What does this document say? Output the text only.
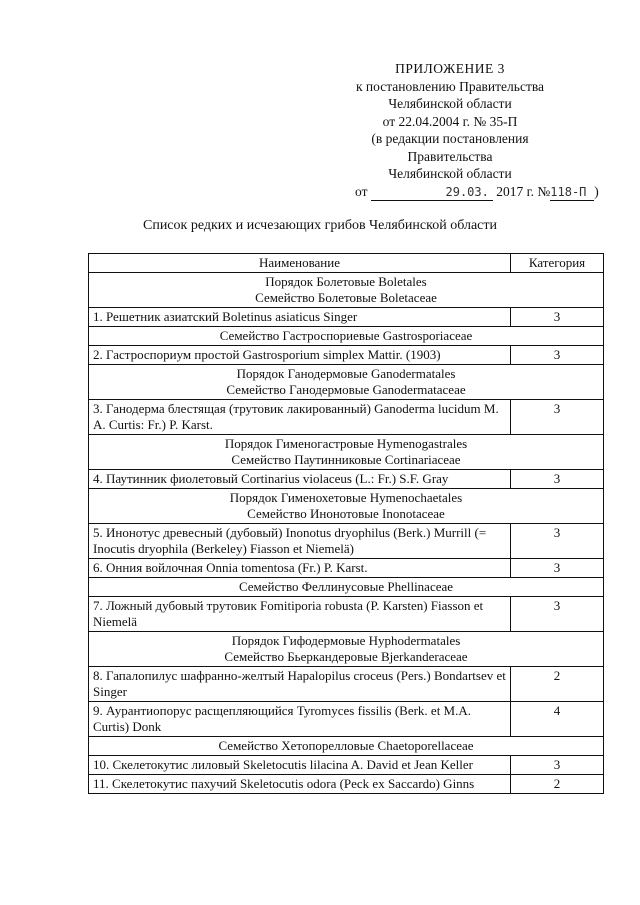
ПРИЛОЖЕНИЕ 3
к постановлению Правительства
Челябинской области
от 22.04.2004 г. № 35-П
(в редакции постановления
Правительства
Челябинской области
от	29.03. 2017 г. №118-П )
Список редких и исчезающих грибов Челябинской области
Наименование	Категория

Порядок Болетовые Boletales
Семейство Болетовые Boletaceae	

1. Решетник азиатский Boletinus asiaticus Singer	3

Семейство Гастроспориевые Gastrosporiaceae	

2. Гастроспориум простой Gastrosporium simplex Mattir. (1903)	3

Порядок Ганодермовые Ganodermatales
Семейство Ганодермовые Ganodermataceae	

3. Ганодерма блестящая (трутовик лакированный) Ganoderma lucidum M. A. Curtis: Fr.) P. Karst.	3

Порядок Гименогастровые Hymenogastrales
Семейство Паутинниковые Cortinariaceae	

4. Паутинник фиолетовый Cortinarius violaceus (L.: Fr.) S.F. Gray	3

Порядок Гименохетовые Hymenochaetales
Семейство Инонотовые Inonotaceae	

5. Инонотус древесный (дубовый) Inonotus dryophilus (Berk.) Murrill (= Inocutis dryophila (Berkeley) Fiasson et Niemelä)	3
6. Онния войлочная Onnia tomentosa (Fr.) P. Karst.	3

Семейство Феллинусовые Phellinaceae	

7. Ложный дубовый трутовик Fomitiporia robusta (P. Karsten) Fiasson et Niemelä	3

Порядок Гифодермовые Hyphodermatales
Семейство Бьеркандеровые Bjerkanderaceae	

8. Гапалопилус шафранно-желтый Hapalopilus croceus (Pers.) Bondartsev et Singer	2
9. Аурантиопорус расщепляющийся Tyromyces fissilis (Berk. et M.A. Curtis) Donk	4

Семейство Хетопорелловые Chaetoporellaceae	

10. Скелетокутис лиловый Skeletocutis lilacina A. David et Jean Keller	3
11. Скелетокутис пахучий Skeletocutis odora (Peck ex Saccardo) Ginns	2
